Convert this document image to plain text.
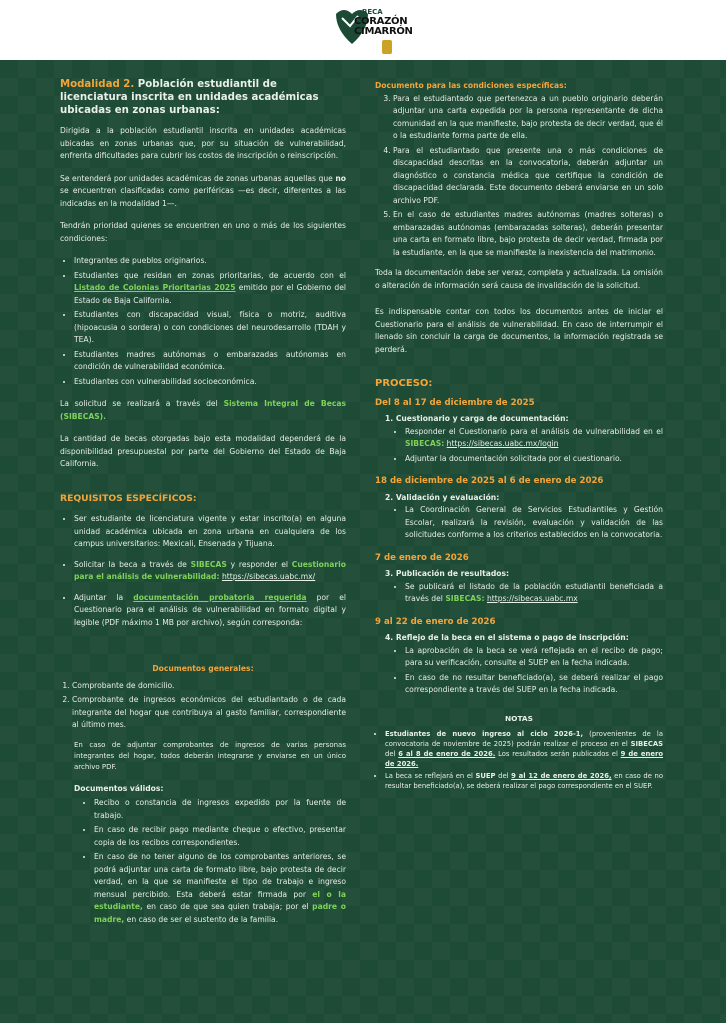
BECA
CORAZÓN
CIMARRÓN
Modalidad 2. Población estudiantil de licenciatura inscrita en unidades académicas ubicadas en zonas urbanas:

Dirigida a la población estudiantil inscrita en unidades académicas ubicadas en zonas urbanas que, por su situación de vulnerabilidad, enfrenta dificultades para cubrir los costos de inscripción o reinscripción.

Se entenderá por unidades académicas de zonas urbanas aquellas que no se encuentren clasificadas como periféricas —es decir, diferentes a las indicadas en la modalidad 1—.

Tendrán prioridad quienes se encuentren en uno o más de los siguientes condiciones:

• Integrantes de pueblos originarios.
• Estudiantes que residan en zonas prioritarias, de acuerdo con el Listado de Colonias Prioritarias 2025 emitido por el Gobierno del Estado de Baja California.
• Estudiantes con discapacidad visual, física o motriz, auditiva (hipoacusia o sordera) o con condiciones del neurodesarrollo (TDAH y TEA).
• Estudiantes madres autónomas o embarazadas autónomas en condición de vulnerabilidad económica.
• Estudiantes con vulnerabilidad socioeconómica.

La solicitud se realizará a través del Sistema Integral de Becas (SIBECAS).

La cantidad de becas otorgadas bajo esta modalidad dependerá de la disponibilidad presupuestal por parte del Gobierno del Estado de Baja California.

REQUISITOS ESPECÍFICOS:
• Ser estudiante de licenciatura vigente y estar inscrito(a) en alguna unidad académica ubicada en zona urbana en cualquiera de los campus universitarios: Mexicali, Ensenada y Tijuana.
• Solicitar la beca a través de SIBECAS y responder el Cuestionario para el análisis de vulnerabilidad: https://sibecas.uabc.mx/
• Adjuntar la documentación probatoria requerida por el Cuestionario para el análisis de vulnerabilidad en formato digital y legible (PDF máximo 1 MB por archivo), según corresponda:
Documentos generales:
1. Comprobante de domicilio.
2. Comprobante de ingresos económicos del estudiantado o de cada integrante del hogar que contribuya al gasto familiar, correspondiente al último mes.

En caso de adjuntar comprobantes de ingresos de varias personas integrantes del hogar, todos deberán integrarse y enviarse en un único archivo PDF.

Documentos válidos:
• Recibo o constancia de ingresos expedido por la fuente de trabajo.
• En caso de recibir pago mediante cheque o efectivo, presentar copia de los recibos correspondientes.
• En caso de no tener alguno de los comprobantes anteriores, se podrá adjuntar una carta de formato libre, bajo protesta de decir verdad, en la que se manifieste el tipo de trabajo e ingreso mensual percibido. Esta deberá estar firmada por el o la estudiante, en caso de que sea quien trabaja; por el padre o madre, en caso de ser el sustento de la familia.
Documento para las condiciones específicas:
3. Para el estudiantado que pertenezca a un pueblo originario deberán adjuntar una carta expedida por la persona representante de dicha comunidad en la que manifieste, bajo protesta de decir verdad, que él o la estudiante forma parte de ella.
4. Para el estudiantado que presente una o más condiciones de discapacidad descritas en la convocatoria, deberán adjuntar un diagnóstico o constancia médica que certifique la condición de discapacidad declarada. Este documento deberá enviarse en un solo archivo PDF.
5. En el caso de estudiantes madres autónomas (madres solteras) o embarazadas autónomas (embarazadas solteras), deberán presentar una carta en formato libre, bajo protesta de decir verdad, firmada por la estudiante, en la que se manifieste la inexistencia del matrimonio.

Toda la documentación debe ser veraz, completa y actualizada. La omisión o alteración de información será causa de invalidación de la solicitud.

Es indispensable contar con todos los documentos antes de iniciar el Cuestionario para el análisis de vulnerabilidad. En caso de interrumpir el llenado sin concluir la carga de documentos, la información registrada se perderá.

PROCESO:
Del 8 al 17 de diciembre de 2025
1. Cuestionario y carga de documentación:
• Responder el Cuestionario para el análisis de vulnerabilidad en el SIBECAS: https://sibecas.uabc.mx/login
• Adjuntar la documentación solicitada por el cuestionario.
18 de diciembre de 2025 al 6 de enero de 2026
2. Validación y evaluación:
• La Coordinación General de Servicios Estudiantiles y Gestión Escolar, realizará la revisión, evaluación y validación de las solicitudes conforme a los criterios establecidos en la convocatoria.
7 de enero de 2026
3. Publicación de resultados:
• Se publicará el listado de la población estudiantil beneficiada a través del SIBECAS: https://sibecas.uabc.mx
9 al 22 de enero de 2026
4. Reflejo de la beca en el sistema o pago de inscripción:
• La aprobación de la beca se verá reflejada en el recibo de pago; para su verificación, consulte el SUEP en la fecha indicada.
• En caso de no resultar beneficiado(a), se deberá realizar el pago correspondiente a través del SUEP en la fecha indicada.
NOTAS
• Estudiantes de nuevo ingreso al ciclo 2026-1, (provenientes de la convocatoria de noviembre de 2025) podrán realizar el proceso en el SIBECAS del 6 al 8 de enero de 2026. Los resultados serán publicados el 9 de enero de 2026.
• La beca se reflejará en el SUEP del 9 al 12 de enero de 2026, en caso de no resultar beneficiado(a), se deberá realizar el pago correspondiente en el SUEP.
